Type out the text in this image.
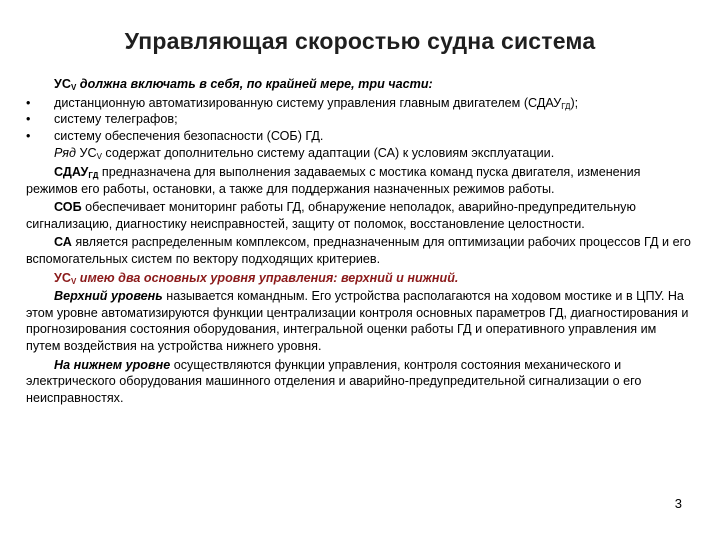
Управляющая скоростью судна система

$УС_V$ должна включать в себя, по крайней мере, три части:

• дистанционную автоматизированную систему управления главным двигателем $(СДАУ_{ГД})$;
• систему телеграфов;
• систему обеспечения безопасности (СОБ) ГД.

Ряд $УС_V$ содержат дополнительно систему адаптации (СА) к условиям эксплуатации.

$СДАУ_{ГД}$ предназначена для выполнения задаваемых с мостика команд пуска двигателя, изменения режимов его работы, остановки, а также для поддержания назначенных режимов работы.

СОБ обеспечивает мониторинг работы ГД, обнаружение неполадок, аварийно-предупредительную сигнализацию, диагностику неисправностей, защиту от поломок, восстановление целостности.

СА является распределенным комплексом, предназначенным для оптимизации рабочих процессов ГД и его вспомогательных систем по вектору подходящих критериев.

$УС_V$ имею два основных уровня управления: верхний и нижний.

Верхний уровень называется командным. Его устройства располагаются на ходовом мостике и в ЦПУ. На этом уровне автоматизируются функции централизации контроля основных параметров ГД, диагностирования и прогнозирования состояния оборудования, интегральной оценки работы ГД и оперативного управления им путем воздействия на устройства нижнего уровня.

На нижнем уровне осуществляются функции управления, контроля состояния механического и электрического оборудования машинного отделения и аварийно-предупредительной сигнализации о его неисправностях.

3
